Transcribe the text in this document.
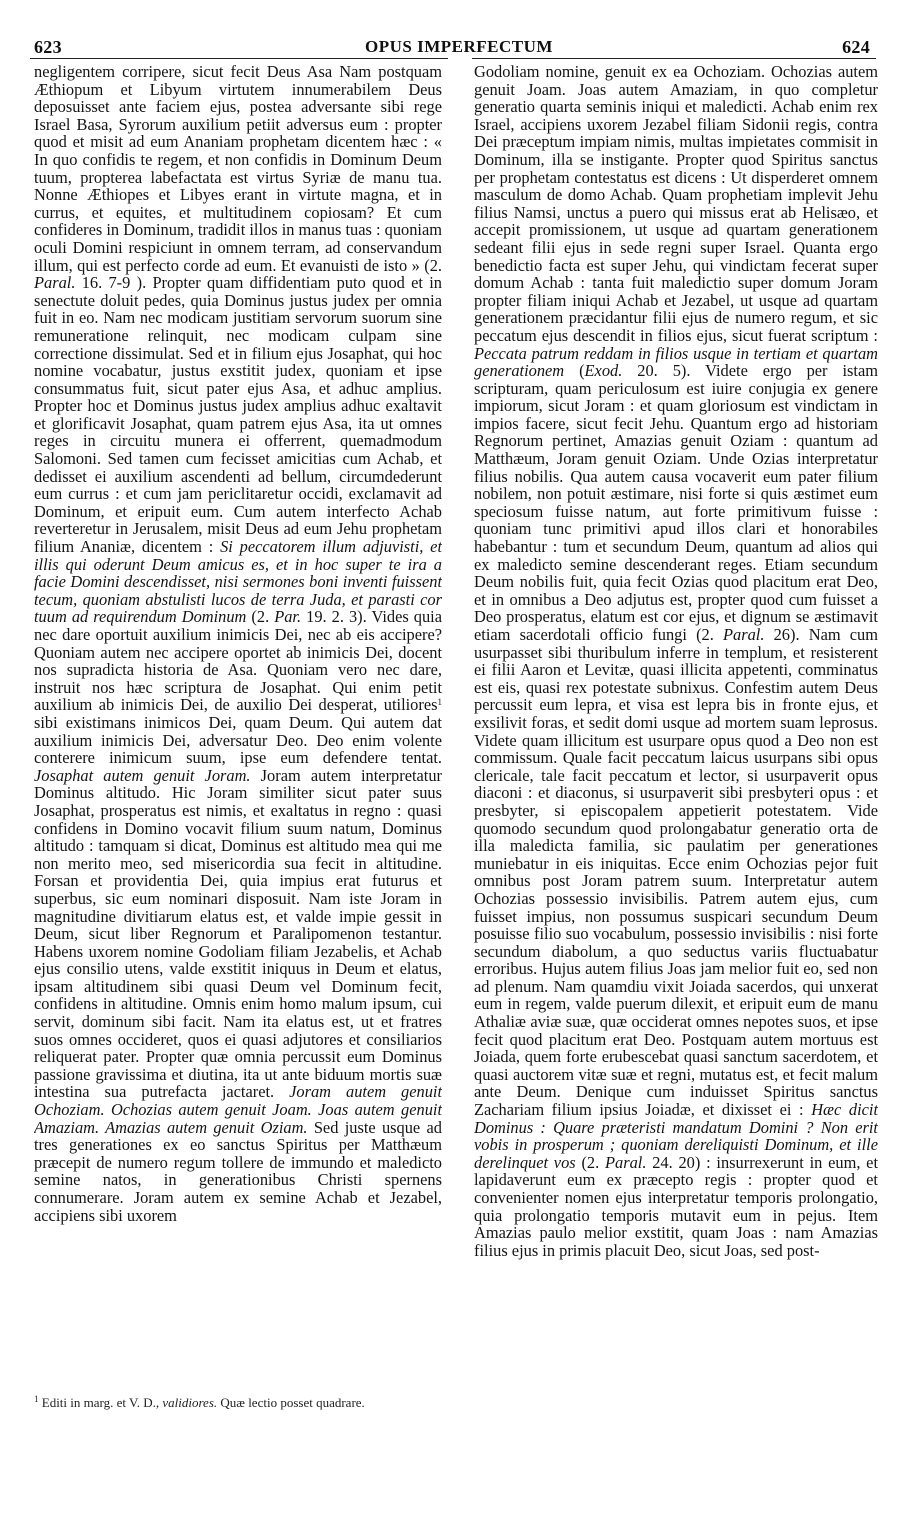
623	OPUS IMPERFECTUM	624

negligentem corripere, sicut fecit Deus Asa Nam postquam Æthiopum et Libyum virtutem innumerabilem Deus deposuisset ante faciem ejus, postea adversante sibi rege Israel Basa, Syrorum auxilium petiit adversus eum : propter quod et misit ad eum Ananiam prophetam dicentem hæc : « In quo confidis te regem, et non confidis in Dominum Deum tuum, propterea labefactata est virtus Syriæ de manu tua. Nonne Æthiopes et Libyes erant in virtute magna, et in currus, et equites, et multitudinem copiosam? Et cum confideres in Dominum, tradidit illos in manus tuas : quoniam oculi Domini respiciunt in omnem terram, ad conservandum illum, qui est perfecto corde ad eum. Et evanuisti de isto » (2. Paral. 16. 7-9 ). Propter quam diffidentiam puto quod et in senectute doluit pedes, quia Dominus justus judex per omnia fuit in eo. Nam nec modicam justitiam servorum suorum sine remuneratione relinquit, nec modicam culpam sine correctione dissimulat. Sed et in filium ejus Josaphat, qui hoc nomine vocabatur, justus exstitit judex, quoniam et ipse consummatus fuit, sicut pater ejus Asa, et adhuc amplius. Propter hoc et Dominus justus judex amplius adhuc exaltavit et glorificavit Josaphat, quam patrem ejus Asa, ita ut omnes reges in circuitu munera ei offerrent, quemadmodum Salomoni. Sed tamen cum fecisset amicitias cum Achab, et dedisset ei auxilium ascendenti ad bellum, circumdederunt eum currus : et cum jam periclitaretur occidi, exclamavit ad Dominum, et eripuit eum. Cum autem interfecto Achab reverteretur in Jerusalem, misit Deus ad eum Jehu prophetam filium Ananiæ, dicentem : Si peccatorem illum adjuvisti, et illis qui oderunt Deum amicus es, et in hoc super te ira a facie Domini descendisset, nisi sermones boni inventi fuissent tecum, quoniam abstulisti lucos de terra Juda, et parasti cor tuum ad requirendum Dominum (2. Par. 19. 2. 3). Vides quia nec dare oportuit auxilium inimicis Dei, nec ab eis accipere? Quoniam autem nec accipere oportet ab inimicis Dei, docent nos supradicta historia de Asa. Quoniam vero nec dare, instruit nos hæc scriptura de Josaphat. Qui enim petit auxilium ab inimicis Dei, de auxilio Dei desperat, utiliores$^1$ sibi existimans inimicos Dei, quam Deum. Qui autem dat auxilium inimicis Dei, adversatur Deo. Deo enim volente conterere inimicum suum, ipse eum defendere tentat. Josaphat autem genuit Joram. Joram autem interpretatur Dominus altitudo. Hic Joram similiter sicut pater suus Josaphat, prosperatus est nimis, et exaltatus in regno : quasi confidens in Domino vocavit filium suum natum, Dominus altitudo : tamquam si dicat, Dominus est altitudo mea qui me non merito meo, sed misericordia sua fecit in altitudine. Forsan et providentia Dei, quia impius erat futurus et superbus, sic eum nominari disposuit. Nam iste Joram in magnitudine divitiarum elatus est, et valde impie gessit in Deum, sicut liber Regnorum et Paralipomenon testantur. Habens uxorem nomine Godoliam filiam Jezabelis, et Achab ejus consilio utens, valde exstitit iniquus in Deum et elatus, ipsam altitudinem sibi quasi Deum vel Dominum fecit, confidens in altitudine. Omnis enim homo malum ipsum, cui servit, dominum sibi facit. Nam ita elatus est, ut et fratres suos omnes occideret, quos ei quasi adjutores et consiliarios reliquerat pater. Propter quæ omnia percussit eum Dominus passione gravissima et diutina, ita ut ante biduum mortis suæ intestina sua putrefacta jactaret. Joram autem genuit Ochoziam. Ochozias autem genuit Joam. Joas autem genuit Amaziam. Amazias autem genuit Oziam. Sed juste usque ad tres generationes ex eo sanctus Spiritus per Matthæum præcepit de numero regum tollere de immundo et maledicto semine natos, in generationibus Christi spernens connumerare. Joram autem ex semine Achab et Jezabel, accipiens sibi uxorem

Godoliam nomine, genuit ex ea Ochoziam. Ochozias autem genuit Joam. Joas autem Amaziam, in quo completur generatio quarta seminis iniqui et maledicti. Achab enim rex Israel, accipiens uxorem Jezabel filiam Sidonii regis, contra Dei præceptum impiam nimis, multas impietates commisit in Dominum, illa se instigante. Propter quod Spiritus sanctus per prophetam contestatus est dicens : Ut disperderet omnem masculum de domo Achab. Quam prophetiam implevit Jehu filius Namsi, unctus a puero qui missus erat ab Helisæo, et accepit promissionem, ut usque ad quartam generationem sedeant filii ejus in sede regni super Israel. Quanta ergo benedictio facta est super Jehu, qui vindictam fecerat super domum Achab : tanta fuit maledictio super domum Joram propter filiam iniqui Achab et Jezabel, ut usque ad quartam generationem præcidantur filii ejus de numero regum, et sic peccatum ejus descendit in filios ejus, sicut fuerat scriptum : Peccata patrum reddam in filios usque in tertiam et quartam generationem (Exod. 20. 5). Videte ergo per istam scripturam, quam periculosum est iuire conjugia ex genere impiorum, sicut Joram : et quam gloriosum est vindictam in impios facere, sicut fecit Jehu. Quantum ergo ad historiam Regnorum pertinet, Amazias genuit Oziam : quantum ad Matthæum, Joram genuit Oziam. Unde Ozias interpretatur filius nobilis. Qua autem causa vocaverit eum pater filium nobilem, non potuit æstimare, nisi forte si quis æstimet eum speciosum fuisse natum, aut forte primitivum fuisse : quoniam tunc primitivi apud illos clari et honorabiles habebantur : tum et secundum Deum, quantum ad alios qui ex maledicto semine descenderant reges. Etiam secundum Deum nobilis fuit, quia fecit Ozias quod placitum erat Deo, et in omnibus a Deo adjutus est, propter quod cum fuisset a Deo prosperatus, elatum est cor ejus, et dignum se æstimavit etiam sacerdotali officio fungi (2. Paral. 26). Nam cum usurpasset sibi thuribulum inferre in templum, et resisterent ei filii Aaron et Levitæ, quasi illicita appetenti, comminatus est eis, quasi rex potestate subnixus. Confestim autem Deus percussit eum lepra, et visa est lepra bis in fronte ejus, et exsilivit foras, et sedit domi usque ad mortem suam leprosus. Videte quam illicitum est usurpare opus quod a Deo non est commissum. Quale facit peccatum laicus usurpans sibi opus clericale, tale facit peccatum et lector, si usurpaverit opus diaconi : et diaconus, si usurpaverit sibi presbyteri opus : et presbyter, si episcopalem appetierit potestatem. Vide quomodo secundum quod prolongabatur generatio orta de illa maledicta familia, sic paulatim per generationes muniebatur in eis iniquitas. Ecce enim Ochozias pejor fuit omnibus post Joram patrem suum. Interpretatur autem Ochozias possessio invisibilis. Patrem autem ejus, cum fuisset impius, non possumus suspicari secundum Deum posuisse filio suo vocabulum, possessio invisibilis : nisi forte secundum diabolum, a quo seductus variis fluctuabatur erroribus. Hujus autem filius Joas jam melior fuit eo, sed non ad plenum. Nam quamdiu vixit Joiada sacerdos, qui unxerat eum in regem, valde puerum dilexit, et eripuit eum de manu Athaliæ aviæ suæ, quæ occiderat omnes nepotes suos, et ipse fecit quod placitum erat Deo. Postquam autem mortuus est Joiada, quem forte erubescebat quasi sanctum sacerdotem, et quasi auctorem vitæ suæ et regni, mutatus est, et fecit malum ante Deum. Denique cum induisset Spiritus sanctus Zachariam filium ipsius Joiadæ, et dixisset ei : Hæc dicit Dominus : Quare præteristi mandatum Domini ? Non erit vobis in prosperum ; quoniam dereliquisti Dominum, et ille derelinquet vos (2. Paral. 24. 20) : insurrexerunt in eum, et lapidaverunt eum ex præcepto regis : propter quod et convenienter nomen ejus interpretatur temporis prolongatio, quia prolongatio temporis mutavit eum in pejus. Item Amazias paulo melior exstitit, quam Joas : nam Amazias filius ejus in primis placuit Deo, sicut Joas, sed post-

$^1$ Editi in marg. et V. D., validiores. Quæ lectio posset quadrare.
